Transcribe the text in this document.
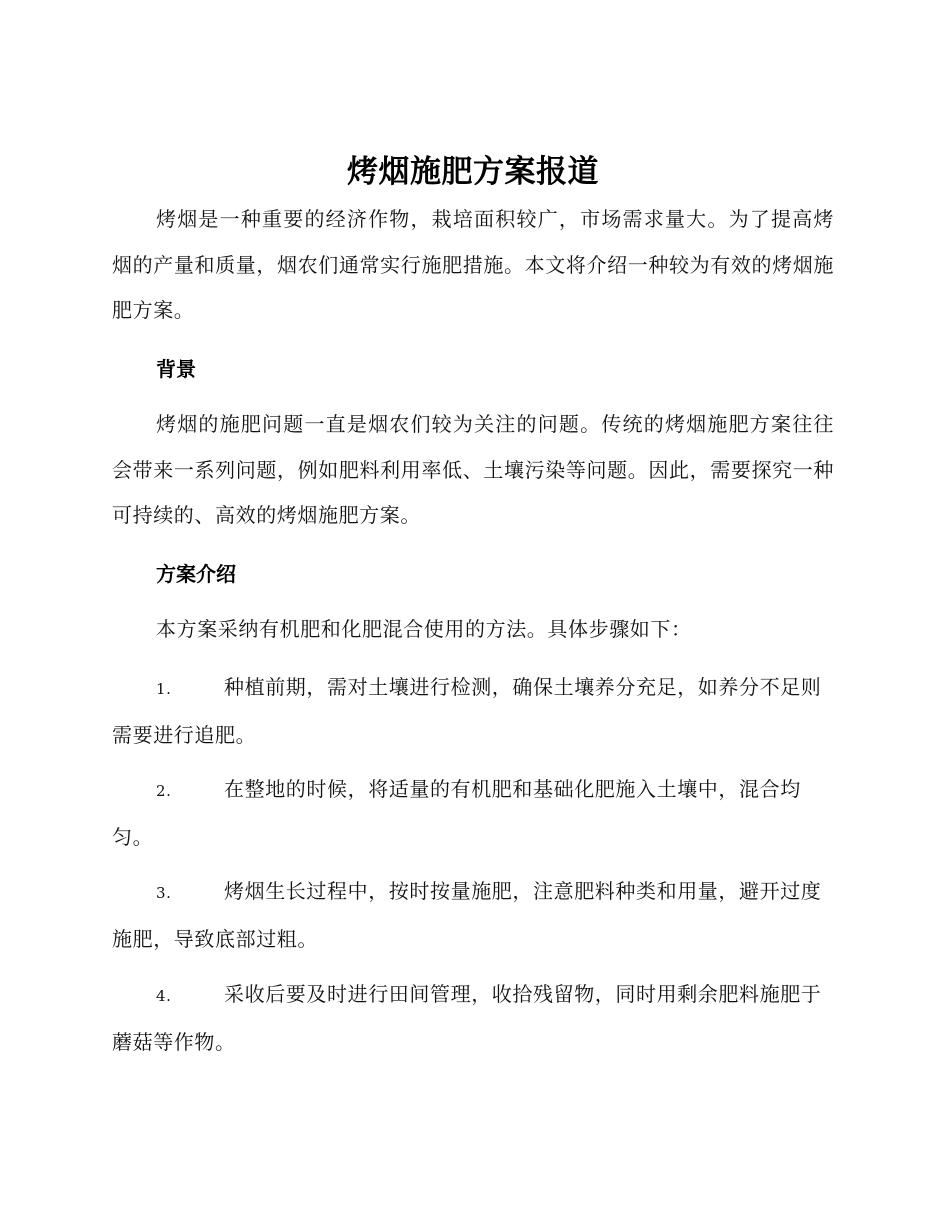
烤烟施肥方案报道

烤烟是一种重要的经济作物，栽培面积较广，市场需求量大。为了提高烤烟的产量和质量，烟农们通常实行施肥措施。本文将介绍一种较为有效的烤烟施肥方案。

背景

烤烟的施肥问题一直是烟农们较为关注的问题。传统的烤烟施肥方案往往会带来一系列问题，例如肥料利用率低、土壤污染等问题。因此，需要探究一种可持续的、高效的烤烟施肥方案。

方案介绍

本方案采纳有机肥和化肥混合使用的方法。具体步骤如下：

1.	种植前期，需对土壤进行检测，确保土壤养分充足，如养分不足则需要进行追肥。

2.	在整地的时候，将适量的有机肥和基础化肥施入土壤中，混合均匀。

3.	烤烟生长过程中，按时按量施肥，注意肥料种类和用量，避开过度施肥，导致底部过粗。

4.	采收后要及时进行田间管理，收拾残留物，同时用剩余肥料施肥于蘑菇等作物。
